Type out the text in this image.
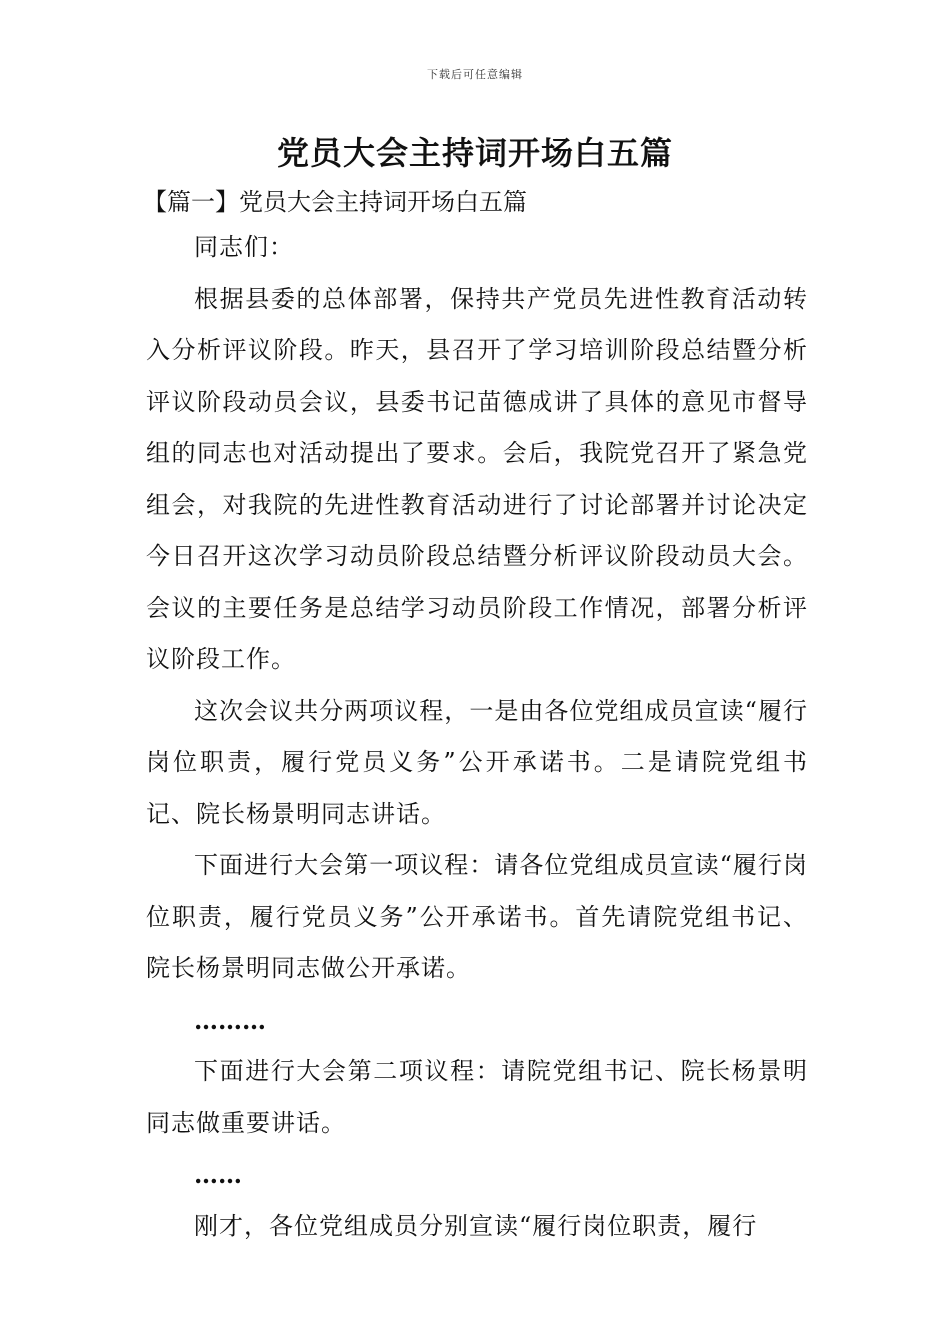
下载后可任意编辑
党员大会主持词开场白五篇
【篇一】党员大会主持词开场白五篇

同志们：

根据县委的总体部署，保持共产党员先进性教育活动转入分析评议阶段。昨天，县召开了学习培训阶段总结暨分析评议阶段动员会议，县委书记苗德成讲了具体的意见市督导组的同志也对活动提出了要求。会后，我院党召开了紧急党组会，对我院的先进性教育活动进行了讨论部署并讨论决定今日召开这次学习动员阶段总结暨分析评议阶段动员大会。会议的主要任务是总结学习动员阶段工作情况，部署分析评议阶段工作。

这次会议共分两项议程，一是由各位党组成员宣读“履行岗位职责，履行党员义务”公开承诺书。二是请院党组书记、院长杨景明同志讲话。

下面进行大会第一项议程：请各位党组成员宣读“履行岗位职责，履行党员义务”公开承诺书。首先请院党组书记、院长杨景明同志做公开承诺。

………

下面进行大会第二项议程：请院党组书记、院长杨景明同志做重要讲话。

……

刚才，各位党组成员分别宣读“履行岗位职责，履行
